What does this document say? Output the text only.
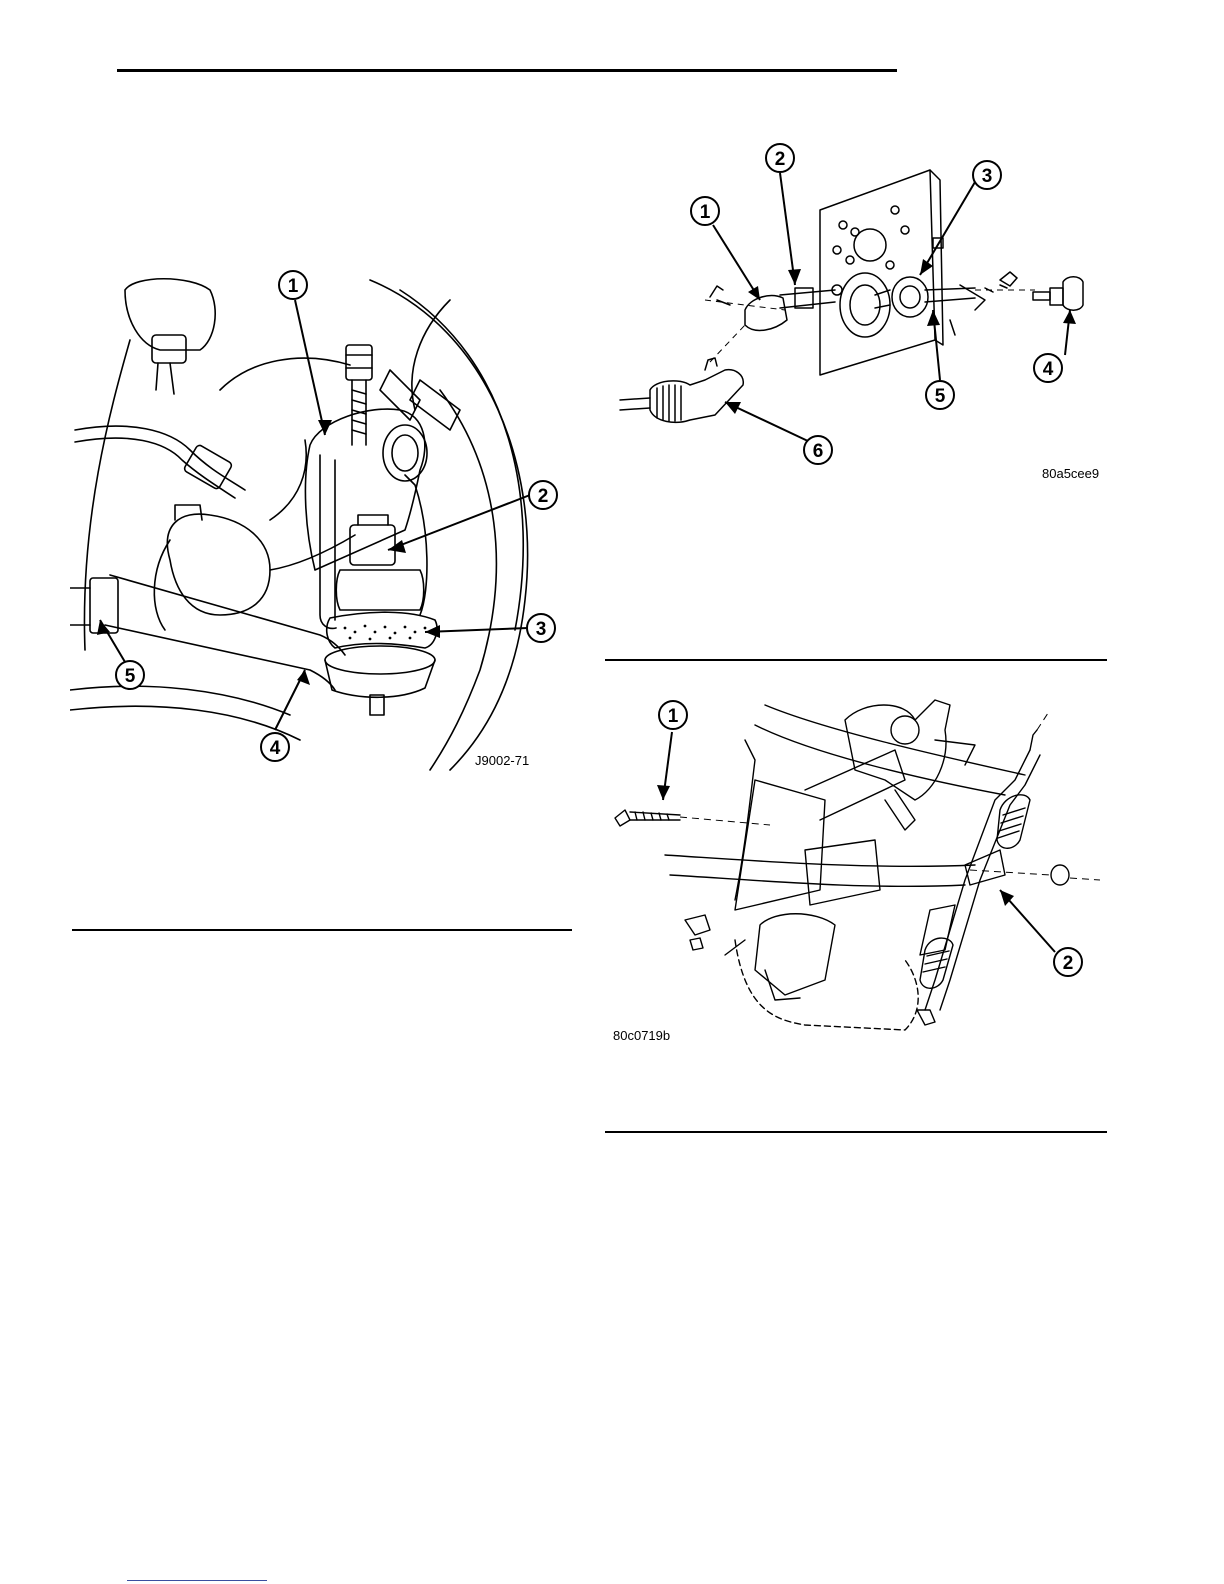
1
2
3
4
5
J9002-71
1
2
3
4
5
6
80a5cee9
1
2
80c0719b
